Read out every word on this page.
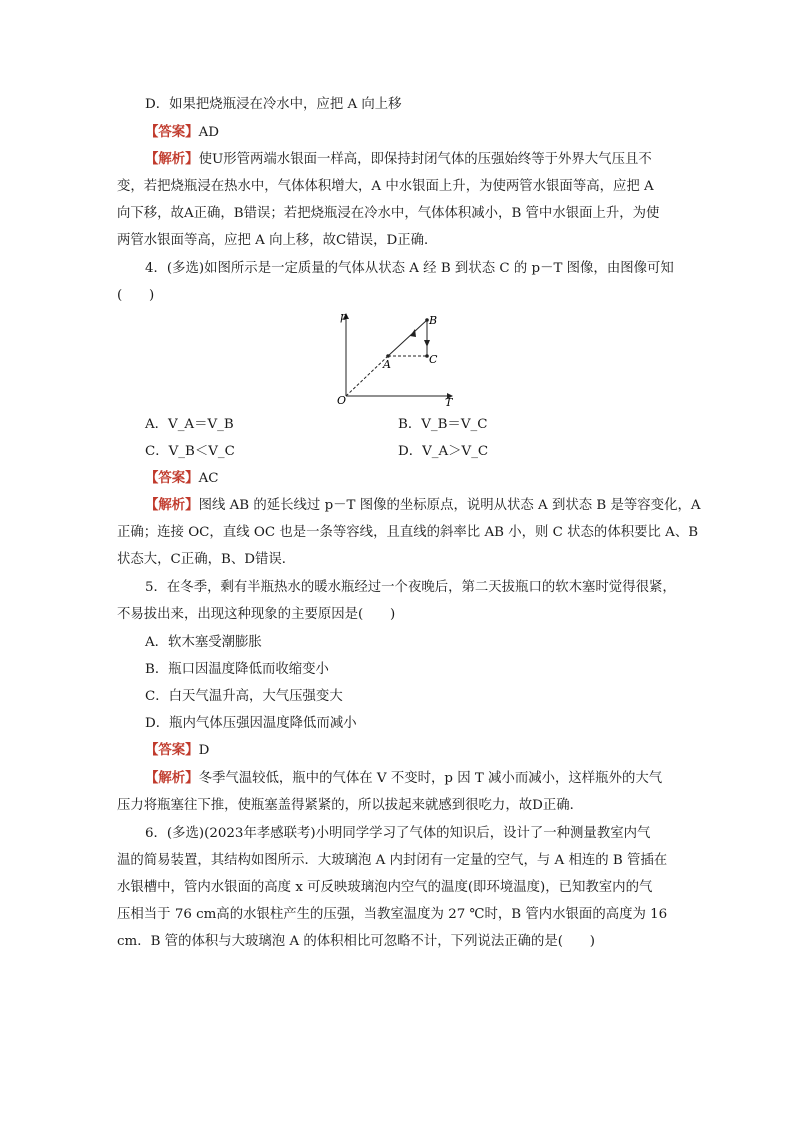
D．如果把烧瓶浸在冷水中，应把 A 向上移
【答案】AD
【解析】使U形管两端水银面一样高，即保持封闭气体的压强始终等于外界大气压且不
变，若把烧瓶浸在热水中，气体体积增大，A 中水银面上升，为使两管水银面等高，应把 A
向下移，故A正确，B错误；若把烧瓶浸在冷水中，气体体积减小，B 管中水银面上升，为使
两管水银面等高，应把 A 向上移，故C错误，D正确．
4．(多选)如图所示是一定质量的气体从状态 A 经 B 到状态 C 的 p－T 图像，由图像可知
(　　)
p
T
O
A
B
C
A．V_A＝V_B	B．V_B＝V_C
C．V_B＜V_C	D．V_A＞V_C
【答案】AC
【解析】图线 AB 的延长线过 p－T 图像的坐标原点，说明从状态 A 到状态 B 是等容变化，A
正确；连接 OC，直线 OC 也是一条等容线，且直线的斜率比 AB 小，则 C 状态的体积要比 A、B
状态大，C正确，B、D错误．
5．在冬季，剩有半瓶热水的暖水瓶经过一个夜晚后，第二天拔瓶口的软木塞时觉得很紧，
不易拔出来，出现这种现象的主要原因是(　　)
A．软木塞受潮膨胀
B．瓶口因温度降低而收缩变小
C．白天气温升高，大气压强变大
D．瓶内气体压强因温度降低而减小
【答案】D
【解析】冬季气温较低，瓶中的气体在 V 不变时，p 因 T 减小而减小，这样瓶外的大气
压力将瓶塞往下推，使瓶塞盖得紧紧的，所以拔起来就感到很吃力，故D正确．
6．(多选)(2023年孝感联考)小明同学学习了气体的知识后，设计了一种测量教室内气
温的简易装置，其结构如图所示．大玻璃泡 A 内封闭有一定量的空气，与 A 相连的 B 管插在
水银槽中，管内水银面的高度 x 可反映玻璃泡内空气的温度(即环境温度)，已知教室内的气
压相当于 76 cm高的水银柱产生的压强，当教室温度为 27 ℃时，B 管内水银面的高度为 16
cm．B 管的体积与大玻璃泡 A 的体积相比可忽略不计，下列说法正确的是(　　)
